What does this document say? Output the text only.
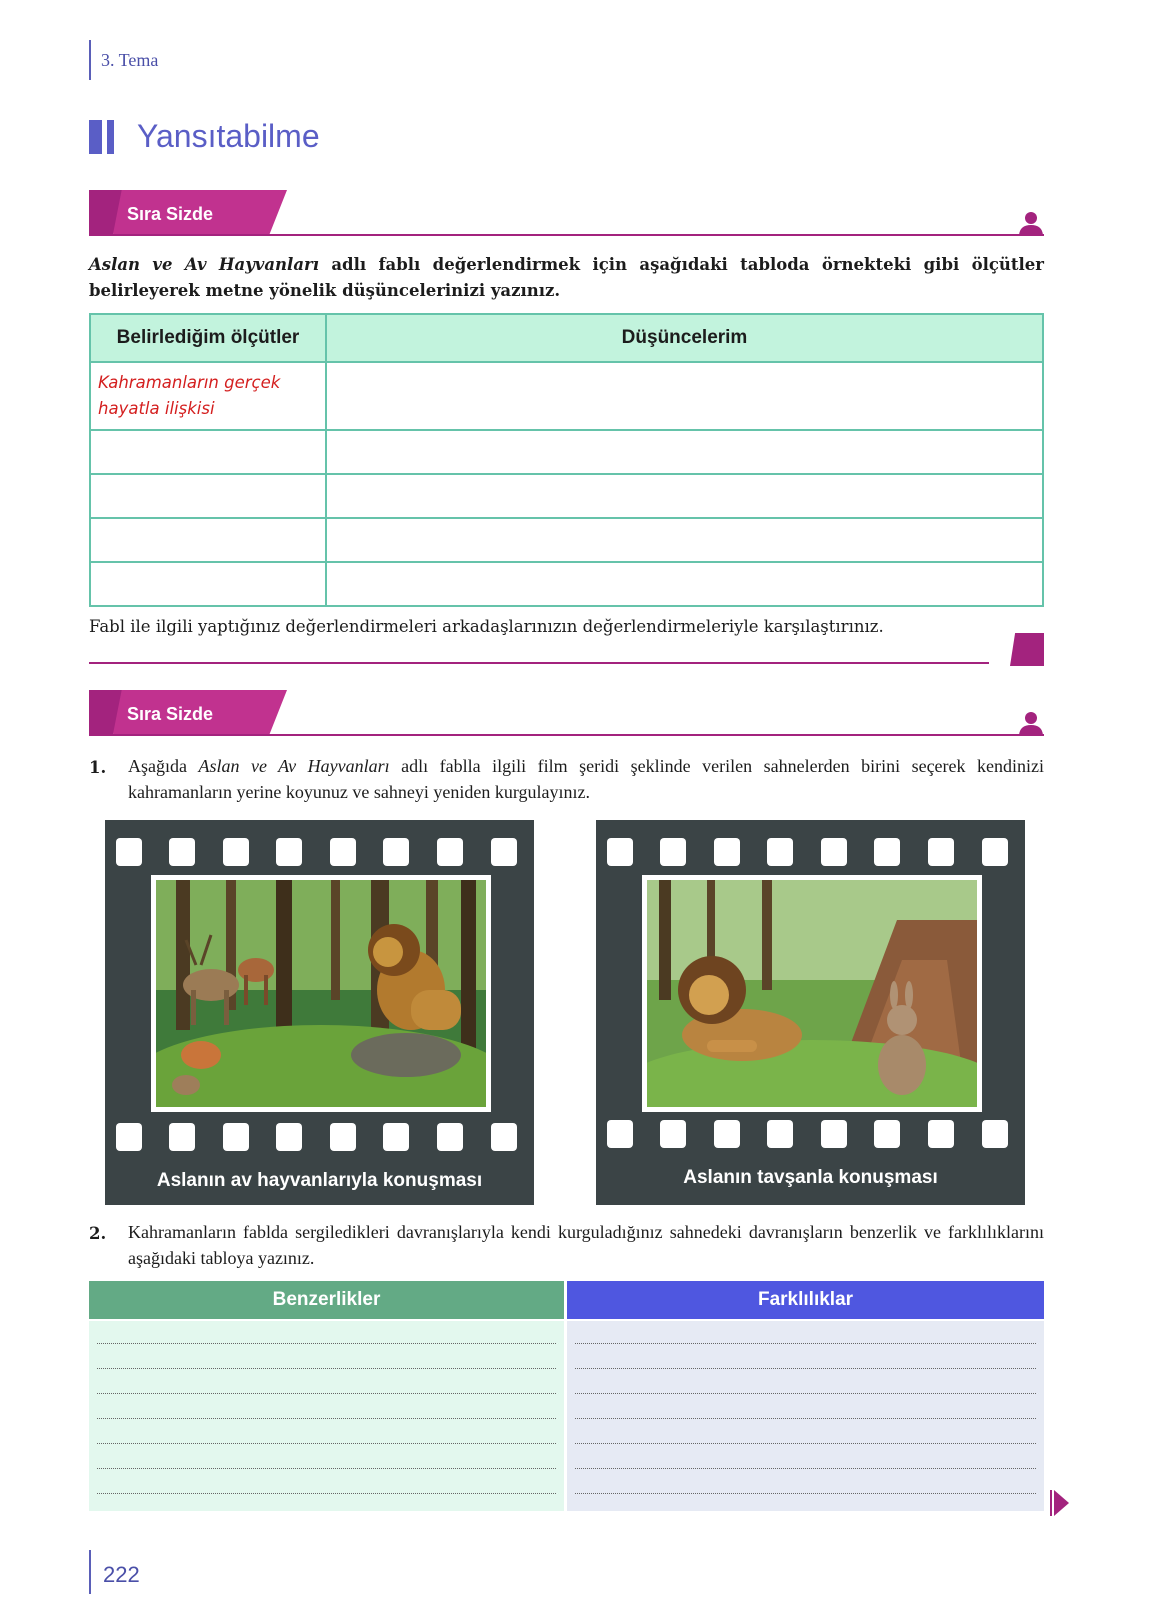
3. Tema
Yansıtabilme
Sıra Sizde
Aslan ve Av Hayvanları adlı fablı değerlendirmek için aşağıdaki tabloda örnekteki gibi ölçütler belirleyerek metne yönelik düşüncelerinizi yazınız.
Belirlediğim ölçütler	Düşüncelerim

Kahramanların gerçek
hayatla ilişkisi	

Fabl ile ilgili yaptığınız değerlendirmeleri arkadaşlarınızın değerlendirmeleriyle karşılaştırınız.
Sıra Sizde
1. Aşağıda Aslan ve Av Hayvanları adlı fablla ilgili film şeridi şeklinde verilen sahnelerden birini seçerek kendinizi kahramanların yerine koyunuz ve sahneyi yeniden kurgulayınız.
Aslanın av hayvanlarıyla konuşması	Aslanın tavşanla konuşması
2. Kahramanların fablda sergiledikleri davranışlarıyla kendi kurguladığınız sahnedeki davranışların benzerlik ve farklılıklarını aşağıdaki tabloya yazınız.
Benzerlikler	Farklılıklar
222
